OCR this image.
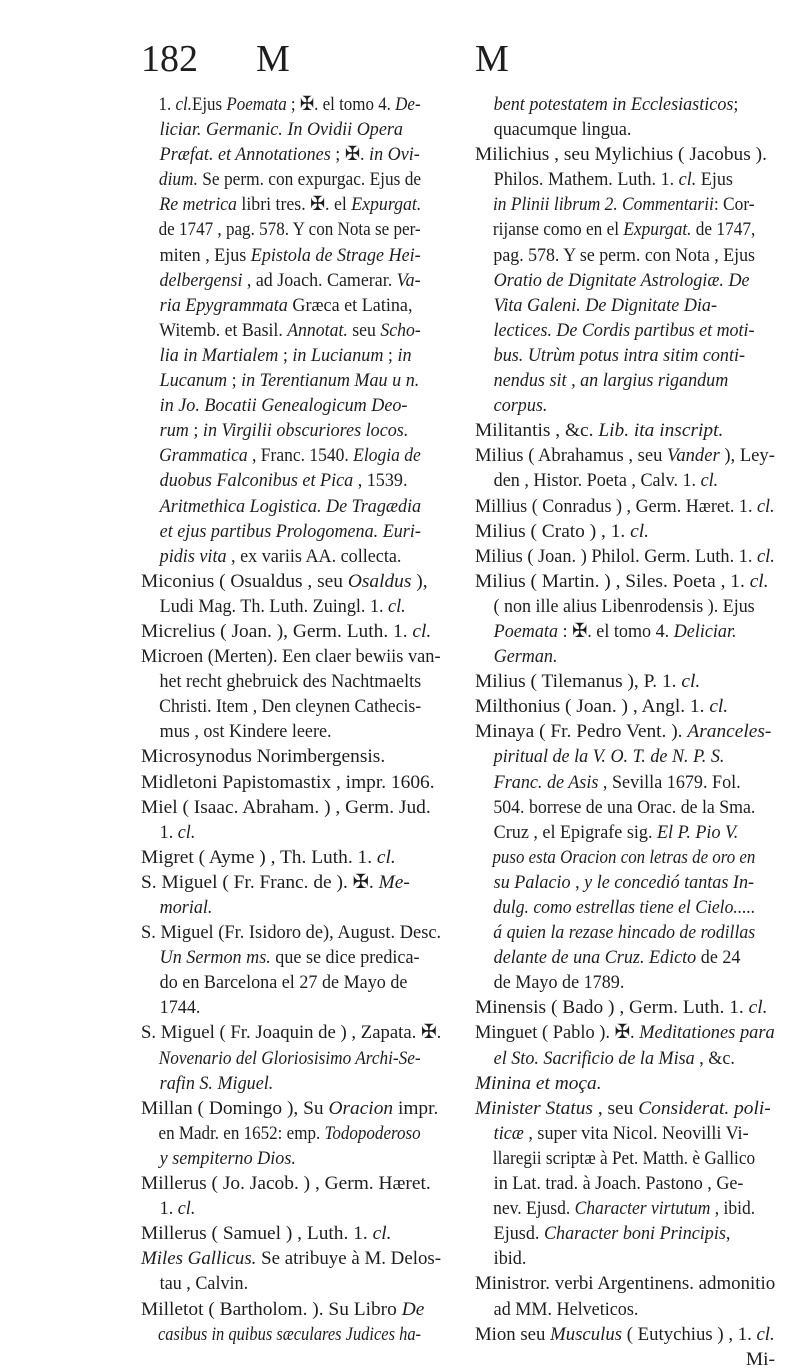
182 M	M
1. cl.Ejus Poemata ; ✠. el tomo 4. De-
liciar. Germanic. In Ovidii Opera
Præfat. et Annotationes ; ✠. in Ovi-
dium. Se perm. con expurgac. Ejus de
Re metrica libri tres. ✠. el Expurgat.
de 1747 , pag. 578. Y con Nota se per-
miten , Ejus Epistola de Strage Hei-
delbergensi , ad Joach. Camerar. Va-
ria Epygrammata Græca et Latina,
Witemb. et Basil. Annotat. seu Scho-
lia in Martialem ; in Lucianum ; in
Lucanum ; in Terentianum Mau u n.
in Jo. Bocatii Genealogicum Deo-
rum ; in Virgilii obscuriores locos.
Grammatica , Franc. 1540. Elogia de
duobus Falconibus et Pica , 1539.
Aritmethica Logistica. De Tragædia
et ejus partibus Prologomena. Euri-
pidis vita , ex variis AA. collecta.
Miconius ( Osualdus , seu Osaldus ),
Ludi Mag. Th. Luth. Zuingl. 1. cl.
Micrelius ( Joan. ), Germ. Luth. 1. cl.
Microen (Merten). Een claer bewiis van-
het recht ghebruick des Nachtmaelts
Christi. Item , Den cleynen Cathecis-
mus , ost Kindere leere.
Microsynodus Norimbergensis.
Midletoni Papistomastix , impr. 1606.
Miel ( Isaac. Abraham. ) , Germ. Jud.
1. cl.
Migret ( Ayme ) , Th. Luth. 1. cl.
S. Miguel ( Fr. Franc. de ). ✠. Me-
morial.
S. Miguel (Fr. Isidoro de), August. Desc.
Un Sermon ms. que se dice predica-
do en Barcelona el 27 de Mayo de
1744.
S. Miguel ( Fr. Joaquin de ) , Zapata. ✠.
Novenario del Gloriosisimo Archi-Se-
rafin S. Miguel.
Millan ( Domingo ), Su Oracion impr.
en Madr. en 1652: emp. Todopoderoso
y sempiterno Dios.
Millerus ( Jo. Jacob. ) , Germ. Hæret.
1. cl.
Millerus ( Samuel ) , Luth. 1. cl.
Miles Gallicus. Se atribuye à M. Delos-
tau , Calvin.
Milletot ( Bartholom. ). Su Libro De
casibus in quibus sæculares Judices ha-
bent potestatem in Ecclesiasticos;
quacumque lingua.
Milichius , seu Mylichius ( Jacobus ).
Philos. Mathem. Luth. 1. cl. Ejus
in Plinii librum 2. Commentarii: Cor-
rijanse como en el Expurgat. de 1747,
pag. 578. Y se perm. con Nota , Ejus
Oratio de Dignitate Astrologiæ. De
Vita Galeni. De Dignitate Dia-
lectices. De Cordis partibus et moti-
bus. Utrùm potus intra sitim conti-
nendus sit , an largius rigandum
corpus.
Militantis , &c. Lib. ita inscript.
Milius ( Abrahamus , seu Vander ), Ley-
den , Histor. Poeta , Calv. 1. cl.
Millius ( Conradus ) , Germ. Hæret. 1. cl.
Milius ( Crato ) , 1. cl.
Milius ( Joan. ) Philol. Germ. Luth. 1. cl.
Milius ( Martin. ) , Siles. Poeta , 1. cl.
( non ille alius Libenrodensis ). Ejus
Poemata : ✠. el tomo 4. Deliciar.
German.
Milius ( Tilemanus ), P. 1. cl.
Milthonius ( Joan. ) , Angl. 1. cl.
Minaya ( Fr. Pedro Vent. ). Aranceles-
piritual de la V. O. T. de N. P. S.
Franc. de Asis , Sevilla 1679. Fol.
504. borrese de una Orac. de la Sma.
Cruz , el Epigrafe sig. El P. Pio V.
puso esta Oracion con letras de oro en
su Palacio , y le concedió tantas In-
dulg. como estrellas tiene el Cielo.....
á quien la rezase hincado de rodillas
delante de una Cruz. Edicto de 24
de Mayo de 1789.
Minensis ( Bado ) , Germ. Luth. 1. cl.
Minguet ( Pablo ). ✠. Meditationes para
el Sto. Sacrificio de la Misa , &c.
Minina et moça.
Minister Status , seu Considerat. poli-
ticæ , super vita Nicol. Neovilli Vi-
llaregii scriptæ à Pet. Matth. è Gallico
in Lat. trad. à Joach. Pastono , Ge-
nev. Ejusd. Character virtutum , ibid.
Ejusd. Character boni Principis,
ibid.
Ministror. verbi Argentinens. admonitio
ad MM. Helveticos.
Mion seu Musculus ( Eutychius ) , 1. cl.
Mi-
